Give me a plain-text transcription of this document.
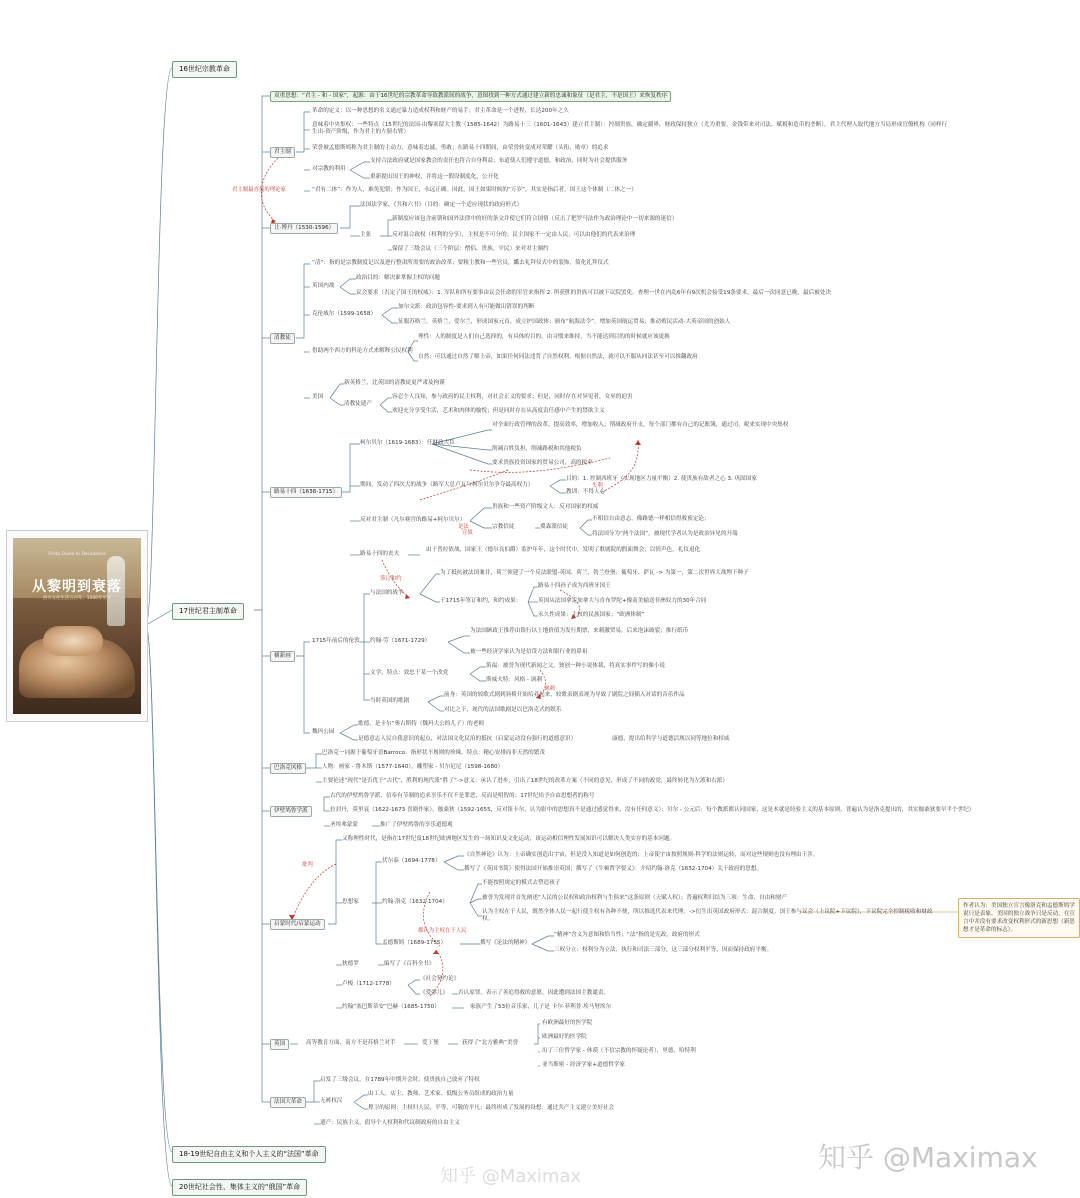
From Dawn to Decadence
从黎明到衰落
西方文化生活五百年，1500年至今
16世纪宗教革命
17世纪君主制革命
18-19世纪自由主义和个人主义的“法国”革命
20世纪社会性、集体主义的“俄国”革命
双重思想：“君主 - 和 - 国家”，起源：由于16世纪的宗教革命导致教派间的战争，意图找到一种方式通过建立新的忠诚和象征（是君主，不是国王）来恢复秩序
君主制
革命的定义：以一种思想的名义通过暴力造成权利和财产的易手；君主革命是一个进程，长达200年之久
意味着中央集权：一些特点（15世纪的法国-由黎塞留大主教（1585-1642）为路易十三（1601-1643）建立君主制）：控制贵族，确定疆界，财政保持独立（尤为重要，金钱带来对司法、赋税和造币的垄断），君主代理人取代地方当局形成官僚机构（同样行生出-资产阶级，作为君主的左膀右臂）
荣誉被孟德斯鸠称为君主制的主动力，意味着忠诚，勇敢；在路易十四期间，由荣誉转变成对荣耀（头衔，勋章）的追求
对宗教的利用
支持合法政府就是国家教会的责任也符合自身利益；布道使人们遵守道德，和政治，同时为社会提供服务
重新提出国王的神权，并将这一假设制度化，公开化
“君有二体”：作为人，难免犯错；作为国王，永远正确。因此，国王如果时候的“万岁”，其实是指后者，国王这个体制（二体之一）
君主制最直接的理论家
让·博丹（1530-1596）
法国法学家，《共和六书》（目的：确定一个适应现状的政府形式）
主张
新制度应该包含前朝和国外法律中的好的条文并使它们符合国情（反击了把罗马法作为政治理论中一切来源的迷信）
反对混合政权（权利的分享），主权是不可分的；民主国家不一定由人民，可以由他们的代表来治理
保留了三级会议（三个阶层：僧侣、贵族、平民）来对君主制约
清教徒
“清”：指的是宗教制度记以及进行整肃所需要的政治改革；要粗主教和一些官员，瓤去礼拜仪式中的装饰，简化礼拜仪式
英国内战
政治目的：解决谁掌握主权的问题
议会要求（否定了国王的权威）：1. 军队和所有要事由议会任命的军官来指挥 2. 所获胜的贵族可以被下议院罢免。查理一世在内乱6年有9次机会接受19条要求，最后一次同意已晚，最后被处决
克伦威尔（1599-1658）
加尔文派：政治包容性-要求到人有可能做出错误的判断
征服苏格兰，英格兰，爱尔兰，形成国家元首，成立护国政体；颁布“航海法令”，增加英国航运贸易；推动殖民活动-大英帝国的创始人
借助两个西方的科论方式来解释公民权利
理性：人的制度是人们自己选择的，有具体的目的，由习惯来维持，当不能达到目的的时候就应该更换
自然：可以通过自然了解上帝，如果任何同法违背了自然权利，根据自然法，就可以不服从同法甚至可以推翻政府
美国
新英格兰，比英国的清教徒更严肃及拘谨
清教徒遗产
容忍个人良知，参与政府的民主权利，对社会正义的要求；但是，同时存在对异见者，女巫的迫害
欢迎充分享受生活，艺术和肉体的愉悦；但是同时存在从高度责任感中产生的禁欲主义
路易十四（1638-1715）
柯尔贝尔（1619-1683）：任财政大臣
对全面行政管理的改革，提高效率，增加收入；削减政府开支，每个部门都有自己的记账簿，通过司，税来实现中央集权
削减百姓负担，削减路税和其他税负
要求贵族投资国家的贸易公司，高的税率
期间，发动了四次大的战争（路军大总卢瓦与柯尔贝尔争夺最高权力）
目的：1. 控制西班牙（实现地区力量平衡）2. 使贵族有敌者之心 3. 巩固国家
失利
教训：不得人心
反对君主制（凡尔赛宫的路易+柯尔贝尔）
贵族和一些资产阶级文人：反对国家的权威
宗教信徒	冀森派信徒
不相信自由意志，像路德一样相信得救预定论；
将法国分为“两个法国”，被现代学者认为是政治异见的开端
是法
路易十四的丧夫
由于普拉依战，国家王（德尔良伯爵）监护年年，这个时代中，发明了歌剧院的假面舞会；以情声色，礼仪退化
横新画
1715年前后的伦敦
与法国的战争
为了抵抗被法国兼并，荷兰领建了一个反法联盟-英国、荷兰、勃兰登堡、葡萄牙、萨瓦 -> 为第一，第二次世界大战埋下种子
于1715年签订和约，和约成果：
路易十四孙子成为西班牙国王
英国从法国拿走加拿大与直布罗陀+像南美输送非洲奴力的30年合同
永久性成果：主权的民族国家；“欧洲体制”
签订和约
宣战
约翰·劳（1671-1729）
为法国顾政王推荐由银行以土地价值为发行期票，来刺激贸易，后来泡沫破裂；推行纸币
被一些经济学家认为是信贷方法和银行业的鼻祖
文学，特点：效忠于某一个改党
笛福：被誉为现代新闻之父，独创一种小说体裁，将真实事件写的像小说
斯威夫特：风格 - 讽刺
讽刺
当时英国的歌剧
前身：英国的较歌式剧到斜椅开始培养起来，较歌表剧表现为导致了剧院之间插入对话的音乐作品
对比之下，现代的法国歌剧是以巴洛克式的娱乐
魏玛公园
歌德，是卡尔“奥古斯特（魏玛大公的儿子）的老师
是德意志人民自我意识的起点，对法国文化民治的抵抗（启蒙运动没有强行的道德意识）	康德，提出给科学与道德活规以同等地位和权威
巴洛克风格
巴洛克一词源于葡萄牙语Barroco，指形状不规则的珍珠，特点：精心安排而非天然的繁茂
人物：画家 - 鲁本斯（1577-1640），雕塑家 - 贝尔尼尼（1598-1680）
主要论述“现代”是否优于“古代”，胜利的现代派“胜了”->意义：承认了进步，引出了18世纪的改革方案（不同的意见，形成了不同的政党，最终转化为左派和右派）
伊壁鸠鲁学派
古代的伊壁鸠鲁学派，信奉有节制的追求享乐不仅不是罪恶，反而是明智的；17世纪给予自由思想者的称号
拉封丹，莫里哀（1622-1673 喜剧作家），伽桑狄（1592-1655，反对笛卡尔，认为影中的思想真不是通过感觉得来，没有任何意义）；贝尔 - 公元后：每个教派都认同国家，这是本就是经验主义的基本原则，普遍认为是洛克提出的，其实伽桑狄要早半个世纪）
圣埃弗蒙蒙	推广了伊壁鸠鲁的享乐道德观
启蒙时代/启蒙运动
又称理性时代，是指在17世纪及18世纪欧洲地区发生的一场知识及文化运动，该运动相信理性发展知识可以解决人类实存的基本问题。
思想家
伏尔泰（1694-1778）
《自然神论》认为：上帝确实创造出宇宙，但是没人知道是如何创造的；上帝使宇宙按照规则-科学的法则运转，而对这些规则也没有理由干涉。
撰写了《英国书简》使得法国开始推崇英国；撰写了《牛顿哲学要义》：介绍约翰·洛克（1632-1704）关于政府的思想。
约翰·洛克（1632-1704）
不能按照规定的模式去塑造孩子
被誉为发现并首先阐述“人民的公民权和政治权利与生俱来”这条原则（天赋人权）；普遍权利归结为三项：生命，自由和财产
认为主权在于人民，既然全体人民一起行使主权有各种不便，所以推选代表来代理。->衍生出英国政府形式：混合制度。国王参与议会（上议院+下议院），下议院完全控制税收和财政权。
都认为主权在于人民
批判
孟德斯鸠（1689-1755）	撰写《论法的精神》
“精神”含义为意图和恰当性；“法”指的是宪政，政府的形式
三权分立：权利分为立法、执行和司法三部分，这三部分权利平等，因而保持政府平衡。
狄德罗	编写了《百科全书》
卢梭（1712-1778）
《社会契约论》
《爱弥儿》 否认原罪，表示了善追得救的意愿。因此遭到法国主教谴责。
约翰“塞巴斯蒂安”巴赫（1685-1750）	家族产生了53位音乐家，儿子是 卡尔·菲利普·埃马努埃尔
作者认为：美国独立宣言像洛克和孟德斯鸠学说只是表象，美国的独立战争只是反动，在宣言中并没有要求改变权利形式的新思想（新思想才是革命的标志）。
英国	高等教育方面，南方不是苏格兰对手	爱丁堡	获得了“北方雅典”美誉
有欧洲最好的医学院
欧洲最好的医学院
出了三位哲学家 - 休谟（不信宗教的怀疑论者），里德，哈特利
亚当斯密 - 经济学家+道德哲学家
法国大革命
启发了三级会议，在1789年中期开会时，使贵族自己放弃了特权
无裤权汉
由工人、店主、教师、艺术家、低级公务员组成的政治力量
撑卫的原则：主权归人民，平等，可敬的平凡；最终形成了发展的设想：通过共产主义建立美好社会
遗产：民族主义，倡导个人权利和代议制政府的自由主义
知乎 @Maximax
知乎 @Maximax
